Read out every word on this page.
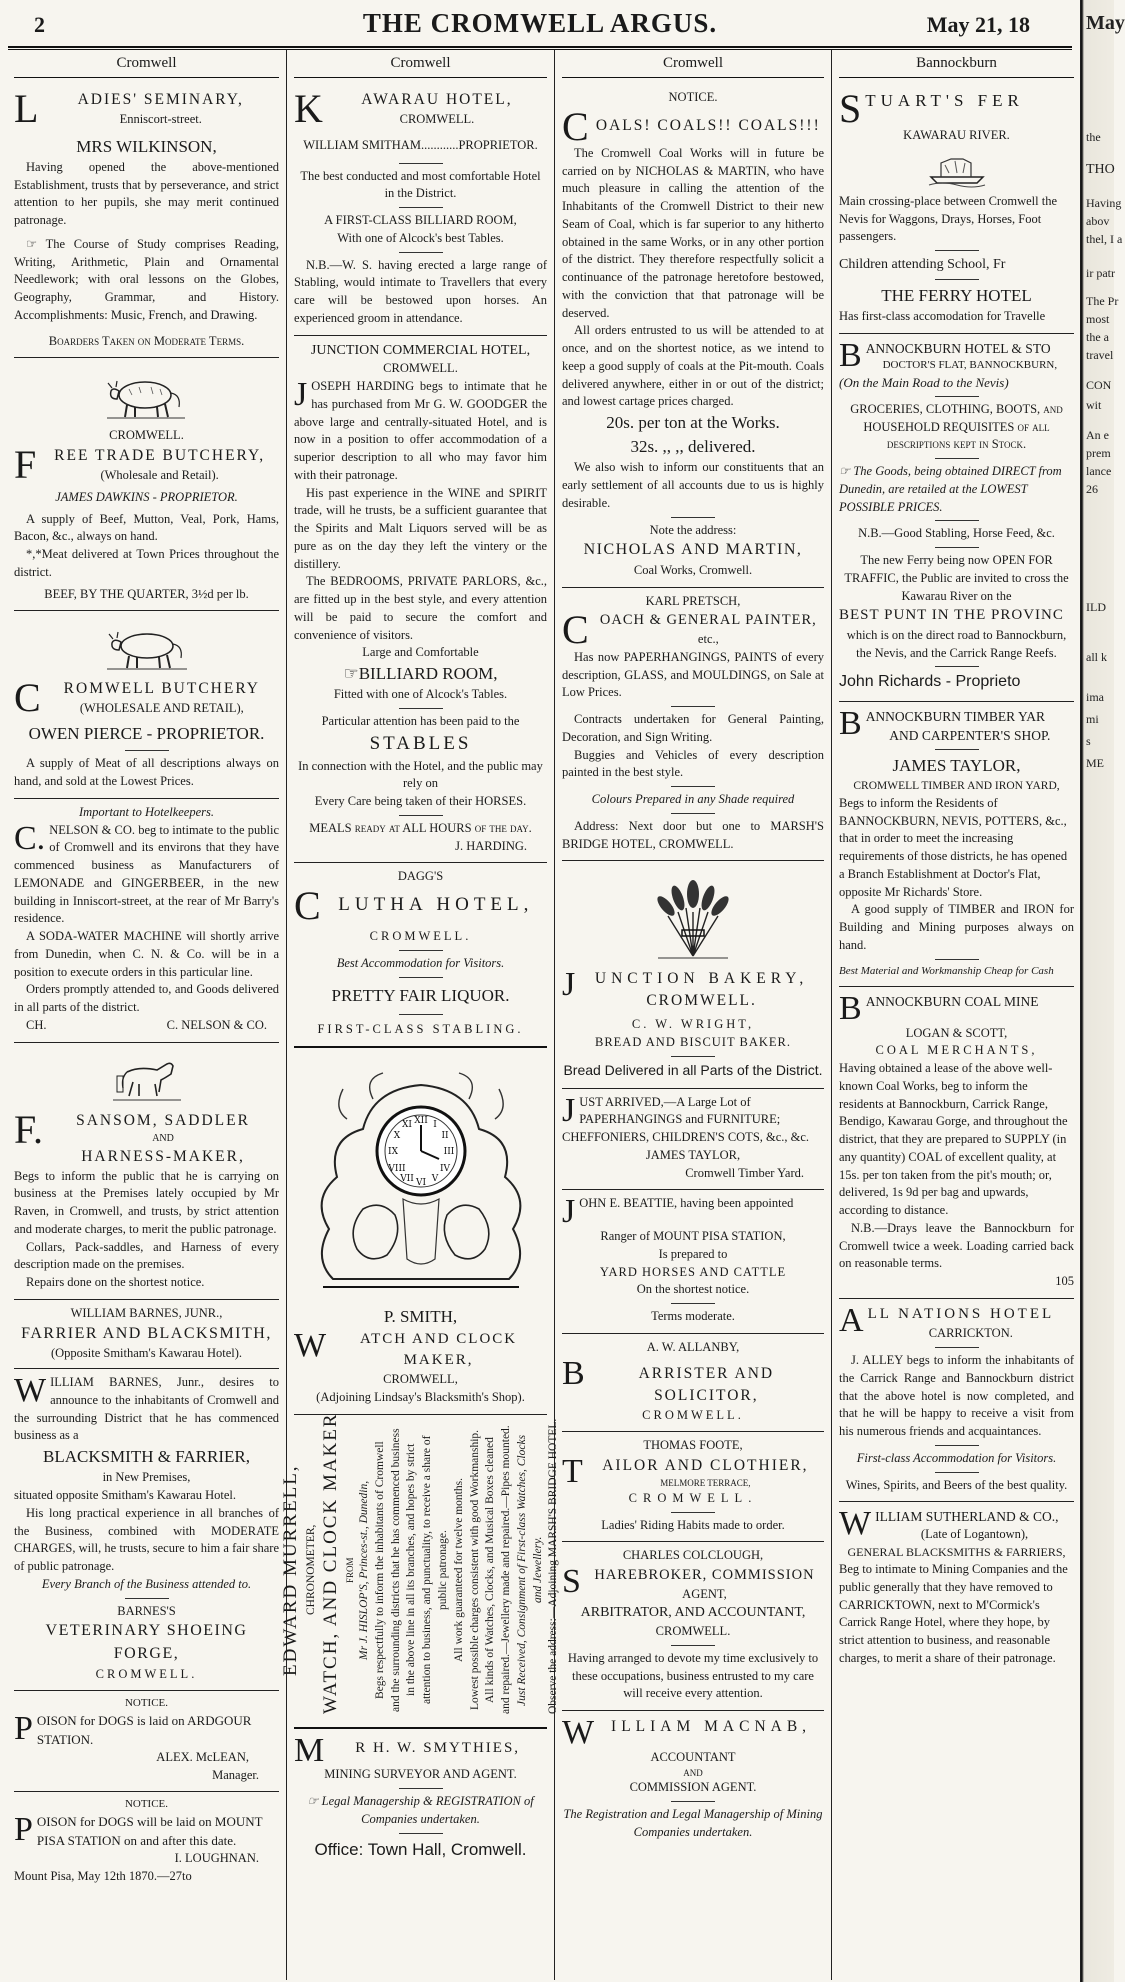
2	THE CROMWELL ARGUS.	May 21, 18
Cromwell
L	ADIES' SEMINARY,
Enniscort-street.
MRS WILKINSON,
Having opened the above-mentioned Establishment, trusts that by perseverance, and strict attention to her pupils, she may merit continued patronage.
☞ The Course of Study comprises Reading, Writing, Arithmetic, Plain and Ornamental Needlework; with oral lessons on the Globes, Geography, Grammar, and History. Accomplishments: Music, French, and Drawing.
Boarders Taken on Moderate Terms.
CROMWELL.
F	REE TRADE BUTCHERY,
(Wholesale and Retail).
JAMES DAWKINS - PROPRIETOR.
A supply of Beef, Mutton, Veal, Pork, Hams, Bacon, &c., always on hand.
*,*Meat delivered at Town Prices throughout the district.
BEEF, BY THE QUARTER, 3½d per lb.
C	ROMWELL BUTCHERY
(WHOLESALE AND RETAIL),
OWEN PIERCE - PROPRIETOR.
A supply of Meat of all descriptions always on hand, and sold at the Lowest Prices.
Important to Hotelkeepers.
C. NELSON & CO. beg to intimate to the public of Cromwell and its environs that they have commenced business as Manufacturers of LEMONADE and GINGERBEER, in the new building in Inniscort-street, at the rear of Mr Barry's residence.
A SODA-WATER MACHINE will shortly arrive from Dunedin, when C. N. & Co. will be in a position to execute orders in this particular line.
Orders promptly attended to, and Goods delivered in all parts of the district.
CH.	C. NELSON & CO.
F.	SANSOM, SADDLER
AND
HARNESS-MAKER,
Begs to inform the public that he is carrying on business at the Premises lately occupied by Mr Raven, in Cromwell, and trusts, by strict attention and moderate charges, to merit the public patronage.
Collars, Pack-saddles, and Harness of every description made on the premises.
Repairs done on the shortest notice.
WILLIAM BARNES, JUNR.,
FARRIER AND BLACKSMITH,
(Opposite Smitham's Kawarau Hotel).
W ILLIAM BARNES, Junr., desires to announce to the inhabitants of Cromwell and the surrounding District that he has commenced business as a
BLACKSMITH & FARRIER,
in New Premises,
situated opposite Smitham's Kawarau Hotel.
His long practical experience in all branches of the Business, combined with MODERATE CHARGES, will, he trusts, secure to him a fair share of public patronage.
Every Branch of the Business attended to.
BARNES'S
VETERINARY SHOEING FORGE,
CROMWELL.
NOTICE.
P OISON for DOGS is laid on ARDGOUR STATION.
ALEX. McLEAN,
Manager.
NOTICE.
P OISON for DOGS will be laid on MOUNT PISA STATION on and after this date.
I. LOUGHNAN.
Mount Pisa, May 12th 1870.—27to
Cromwell
K	AWARAU HOTEL,
CROMWELL.
WILLIAM SMITHAM............PROPRIETOR.
The best conducted and most comfortable Hotel in the District.
A FIRST-CLASS BILLIARD ROOM,
With one of Alcock's best Tables.
N.B.—W. S. having erected a large range of Stabling, would intimate to Travellers that every care will be bestowed upon horses. An experienced groom in attendance.
JUNCTION COMMERCIAL HOTEL,
CROMWELL.
J OSEPH HARDING begs to intimate that he has purchased from Mr G. W. GOODGER the above large and centrally-situated Hotel, and is now in a position to offer accommodation of a superior description to all who may favor him with their patronage.
His past experience in the WINE and SPIRIT trade, will he trusts, be a sufficient guarantee that the Spirits and Malt Liquors served will be as pure as on the day they left the vintery or the distillery.
The BEDROOMS, PRIVATE PARLORS, &c., are fitted up in the best style, and every attention will be paid to secure the comfort and convenience of visitors.
Large and Comfortable
☞BILLIARD ROOM,
Fitted with one of Alcock's Tables.
Particular attention has been paid to the
STABLES
In connection with the Hotel, and the public may rely on
Every Care being taken of their HORSES.
MEALS ready at ALL HOURS of the day.
J. HARDING.
DAGG'S
C LUTHA HOTEL,
CROMWELL.
Best Accommodation for Visitors.
PRETTY FAIR LIQUOR.
FIRST-CLASS STABLING.
XII
III
VI
IX
I
II
IV
V
VII
VIII
X
XI
P. SMITH,
W	ATCH AND CLOCK MAKER,
CROMWELL,
(Adjoining Lindsay's Blacksmith's Shop).
EDWARD MURRELL, CHRONOMETER, WATCH, AND CLOCK MAKER FROM Mr J. HISLOP'S, Princes-st., Dunedin, Begs respectfully to inform the inhabitants of Cromwell and the surrounding districts that he has commenced business in the above line in all its branches, and hopes by strict attention to business, and punctuality, to receive a share of public patronage. All work guaranteed for twelve months. Lowest possible charges consistent with good Workmanship. All kinds of Watches, Clocks, and Musical Boxes cleaned and repaired.—Jewellery made and repaired.—Pipes mounted. Just Received, Consignment of First-class Watches, Clocks and Jewellery. Observe the address:—Adjoining MARSH'S BRIDGE HOTEL.
M	R H. W. SMYTHIES,
MINING SURVEYOR AND AGENT.
☞ Legal Managership & REGISTRATION of Companies undertaken.
Office: Town Hall, Cromwell.
Cromwell
NOTICE.
C OALS! COALS!! COALS!!!
The Cromwell Coal Works will in future be carried on by NICHOLAS & MARTIN, who have much pleasure in calling the attention of the Inhabitants of the Cromwell District to their new Seam of Coal, which is far superior to any hitherto obtained in the same Works, or in any other portion of the district. They therefore respectfully solicit a continuance of the patronage heretofore bestowed, with the conviction that that patronage will be deserved.
All orders entrusted to us will be attended to at once, and on the shortest notice, as we intend to keep a good supply of coals at the Pit-mouth. Coals delivered anywhere, either in or out of the district; and lowest cartage prices charged.
20s. per ton at the Works.
32s. ,, ,, delivered.
We also wish to inform our constituents that an early settlement of all accounts due to us is highly desirable.
Note the address:
NICHOLAS AND MARTIN,
Coal Works, Cromwell.
KARL PRETSCH,
C OACH & GENERAL PAINTER,
etc.,
Has now PAPERHANGINGS, PAINTS of every description, GLASS, and MOULDINGS, on Sale at Low Prices.
Contracts undertaken for General Painting, Decoration, and Sign Writing.
Buggies and Vehicles of every description painted in the best style.
Colours Prepared in any Shade required
Address: Next door but one to MARSH'S BRIDGE HOTEL, CROMWELL.
J	UNCTION BAKERY,
CROMWELL.
C. W. WRIGHT,
BREAD AND BISCUIT BAKER.
Bread Delivered in all Parts of the District.
J UST ARRIVED,—A Large Lot of PAPERHANGINGS and FURNITURE; CHEFFONIERS, CHILDREN'S COTS, &c., &c.
JAMES TAYLOR,
Cromwell Timber Yard.
J OHN E. BEATTIE, having been appointed
Ranger of MOUNT PISA STATION,
Is prepared to
YARD HORSES AND CATTLE
On the shortest notice.
Terms moderate.
A. W. ALLANBY,
B	ARRISTER AND SOLICITOR,
CROMWELL.
THOMAS FOOTE,
T	AILOR AND CLOTHIER,
MELMORE TERRACE,
CROMWELL.
Ladies' Riding Habits made to order.
CHARLES COLCLOUGH,
S HAREBROKER, COMMISSION
AGENT,
ARBITRATOR, AND ACCOUNTANT,
CROMWELL.
Having arranged to devote my time exclusively to these occupations, business entrusted to my care will receive every attention.
W	ILLIAM MACNAB,
ACCOUNTANT
AND
COMMISSION AGENT.
The Registration and Legal Managership of Mining Companies undertaken.
Bannockburn
S TUART'S FER
KAWARAU RIVER.
Main crossing-place between Cromwell the Nevis for Waggons, Drays, Horses, Foot passengers.
Children attending School, Fr
THE FERRY HOTEL
Has first-class accomodation for Travelle
B ANNOCKBURN HOTEL & STO
DOCTOR'S FLAT, BANNOCKBURN,
(On the Main Road to the Nevis)
GROCERIES, CLOTHING, BOOTS, and HOUSEHOLD REQUISITES of all descriptions kept in Stock.
☞ The Goods, being obtained DIRECT from Dunedin, are retailed at the LOWEST POSSIBLE PRICES.
N.B.—Good Stabling, Horse Feed, &c.
The new Ferry being now OPEN FOR TRAFFIC, the Public are invited to cross the Kawarau River on the
BEST PUNT IN THE PROVINC
which is on the direct road to Bannockburn, the Nevis, and the Carrick Range Reefs.
John Richards - Proprieto
B ANNOCKBURN TIMBER YAR
AND CARPENTER'S SHOP.
JAMES TAYLOR,
CROMWELL TIMBER AND IRON YARD,
Begs to inform the Residents of BANNOCKBURN, NEVIS, POTTERS, &c., that in order to meet the increasing requirements of those districts, he has opened a Branch Establishment at Doctor's Flat, opposite Mr Richards' Store.
A good supply of TIMBER and IRON for Building and Mining purposes always on hand.
Best Material and Workmanship Cheap for Cash
B ANNOCKBURN COAL MINE
LOGAN & SCOTT,
COAL MERCHANTS,
Having obtained a lease of the above well-known Coal Works, beg to inform the residents at Bannockburn, Carrick Range, Bendigo, Kawarau Gorge, and throughout the district, that they are prepared to SUPPLY (in any quantity) COAL of excellent quality, at 15s. per ton taken from the pit's mouth; or, delivered, 1s 9d per bag and upwards, according to distance.
N.B.—Drays leave the Bannockburn for Cromwell twice a week. Loading carried back on reasonable terms.
105
A LL NATIONS HOTEL
CARRICKTON.
J. ALLEY begs to inform the inhabitants of the Carrick Range and Bannockburn district that the above hotel is now completed, and that he will be happy to receive a visit from his numerous friends and acquaintances.
First-class Accommodation for Visitors.
Wines, Spirits, and Beers of the best quality.
W ILLIAM SUTHERLAND & CO.,
(Late of Logantown),
GENERAL BLACKSMITHS & FARRIERS,
Beg to intimate to Mining Companies and the public generally that they have removed to CARRICKTOWN, next to M'Cormick's Carrick Range Hotel, where they hope, by strict attention to business, and reasonable charges, to merit a share of their patronage.
May
the
THO
Having
abov
thel, I a
ir patr
The Pr
most
the a
travel
CON
wit
An e
prem
lance
26
ILD
all k
ima
mi
s
ME
